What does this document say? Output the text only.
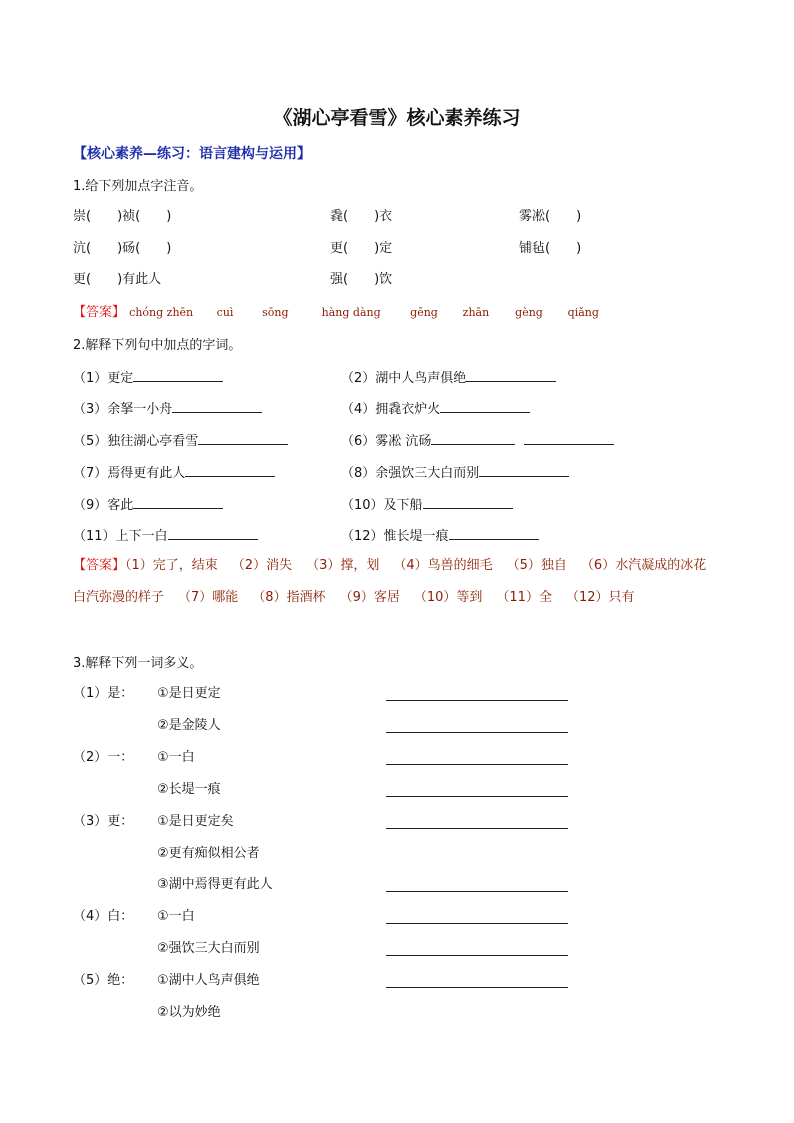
《湖心亭看雪》核心素养练习
【核心素养—练习：语言建构与运用】
1.给下列加点字注音。
崇(　　)祯(　　)	毳(　　)衣	雾凇(　　)
沆(　　)砀(　　)	更(　　)定	铺毡(　　)
更(　　)有此人	强(　　)饮
【答案】 chóng zhēn cuì	sōng	hàng dàng	gēng zhān gèng qiǎng
2.解释下列句中加点的字词。
（1）更定	（2）湖中人鸟声俱绝
（3）余拏一小舟	（4）拥毳衣炉火
（5）独往湖心亭看雪	（6）雾凇 沆砀
（7）焉得更有此人	（8）余强饮三大白而别
（9）客此	（10）及下船
（11）上下一白	（12）惟长堤一痕
【答案】（1）完了，结束 （2）消失 （3）撑，划 （4）鸟兽的细毛 （5）独自 （6）水汽凝成的冰花　白汽弥漫的样子 （7）哪能 （8）指酒杯 （9）客居 （10）等到 （11）全 （12）只有
3.解释下列一词多义。
（1）是： ①是日更定
②是金陵人
（2）一： ①一白
②长堤一痕
（3）更： ①是日更定矣
②更有痴似相公者
③湖中焉得更有此人
（4）白： ①一白
②强饮三大白而别
（5）绝： ①湖中人鸟声俱绝
②以为妙绝
